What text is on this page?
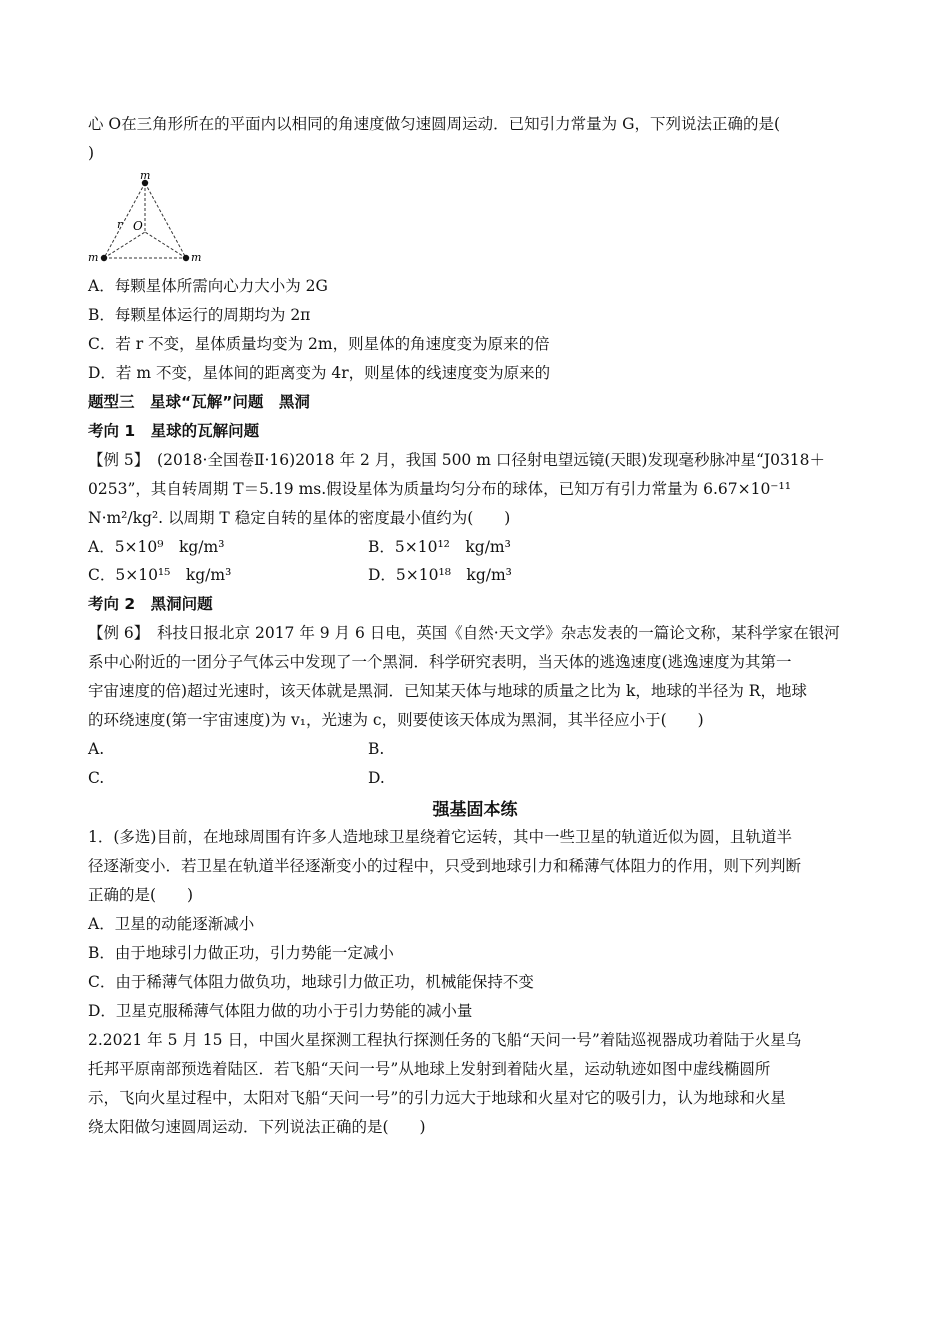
心 O在三角形所在的平面内以相同的角速度做匀速圆周运动．已知引力常量为 G，下列说法正确的是(
)
m
m	m
r O
A．每颗星体所需向心力大小为 2G
B．每颗星体运行的周期均为 2π
C．若 r 不变，星体质量均变为 2m，则星体的角速度变为原来的倍
D．若 m 不变，星体间的距离变为 4r，则星体的线速度变为原来的
题型三　星球“瓦解”问题　黑洞
考向 1　星球的瓦解问题
【例 5】　(2018·全国卷Ⅱ·16)2018 年 2 月，我国 500 m 口径射电望远镜(天眼)发现毫秒脉冲星“J0318＋
0253”，其自转周期 T＝5.19 ms.假设星体为质量均匀分布的球体，已知万有引力常量为 6.67×10⁻¹¹
N·m²/kg². 以周期 T 稳定自转的星体的密度最小值约为(　　)
A．5×10⁹　kg/m³	B．5×10¹²　kg/m³
C．5×10¹⁵　kg/m³	D．5×10¹⁸　kg/m³
考向 2　黑洞问题
【例 6】　科技日报北京 2017 年 9 月 6 日电，英国《自然·天文学》杂志发表的一篇论文称，某科学家在银河
系中心附近的一团分子气体云中发现了一个黑洞．科学研究表明，当天体的逃逸速度(逃逸速度为其第一
宇宙速度的倍)超过光速时，该天体就是黑洞．已知某天体与地球的质量之比为 k，地球的半径为 R，地球
的环绕速度(第一宇宙速度)为 v₁，光速为 c，则要使该天体成为黑洞，其半径应小于(　　)
A.	B.
C.	D.
强基固本练
1．(多选)目前，在地球周围有许多人造地球卫星绕着它运转，其中一些卫星的轨道近似为圆，且轨道半
径逐渐变小．若卫星在轨道半径逐渐变小的过程中，只受到地球引力和稀薄气体阻力的作用，则下列判断
正确的是(　　)
A．卫星的动能逐渐减小
B．由于地球引力做正功，引力势能一定减小
C．由于稀薄气体阻力做负功，地球引力做正功，机械能保持不变
D．卫星克服稀薄气体阻力做的功小于引力势能的减小量
2.2021 年 5 月 15 日，中国火星探测工程执行探测任务的飞船“天问一号”着陆巡视器成功着陆于火星乌
托邦平原南部预选着陆区．若飞船“天问一号”从地球上发射到着陆火星，运动轨迹如图中虚线椭圆所
示，飞向火星过程中，太阳对飞船“天问一号”的引力远大于地球和火星对它的吸引力，认为地球和火星
绕太阳做匀速圆周运动．下列说法正确的是(　　)
